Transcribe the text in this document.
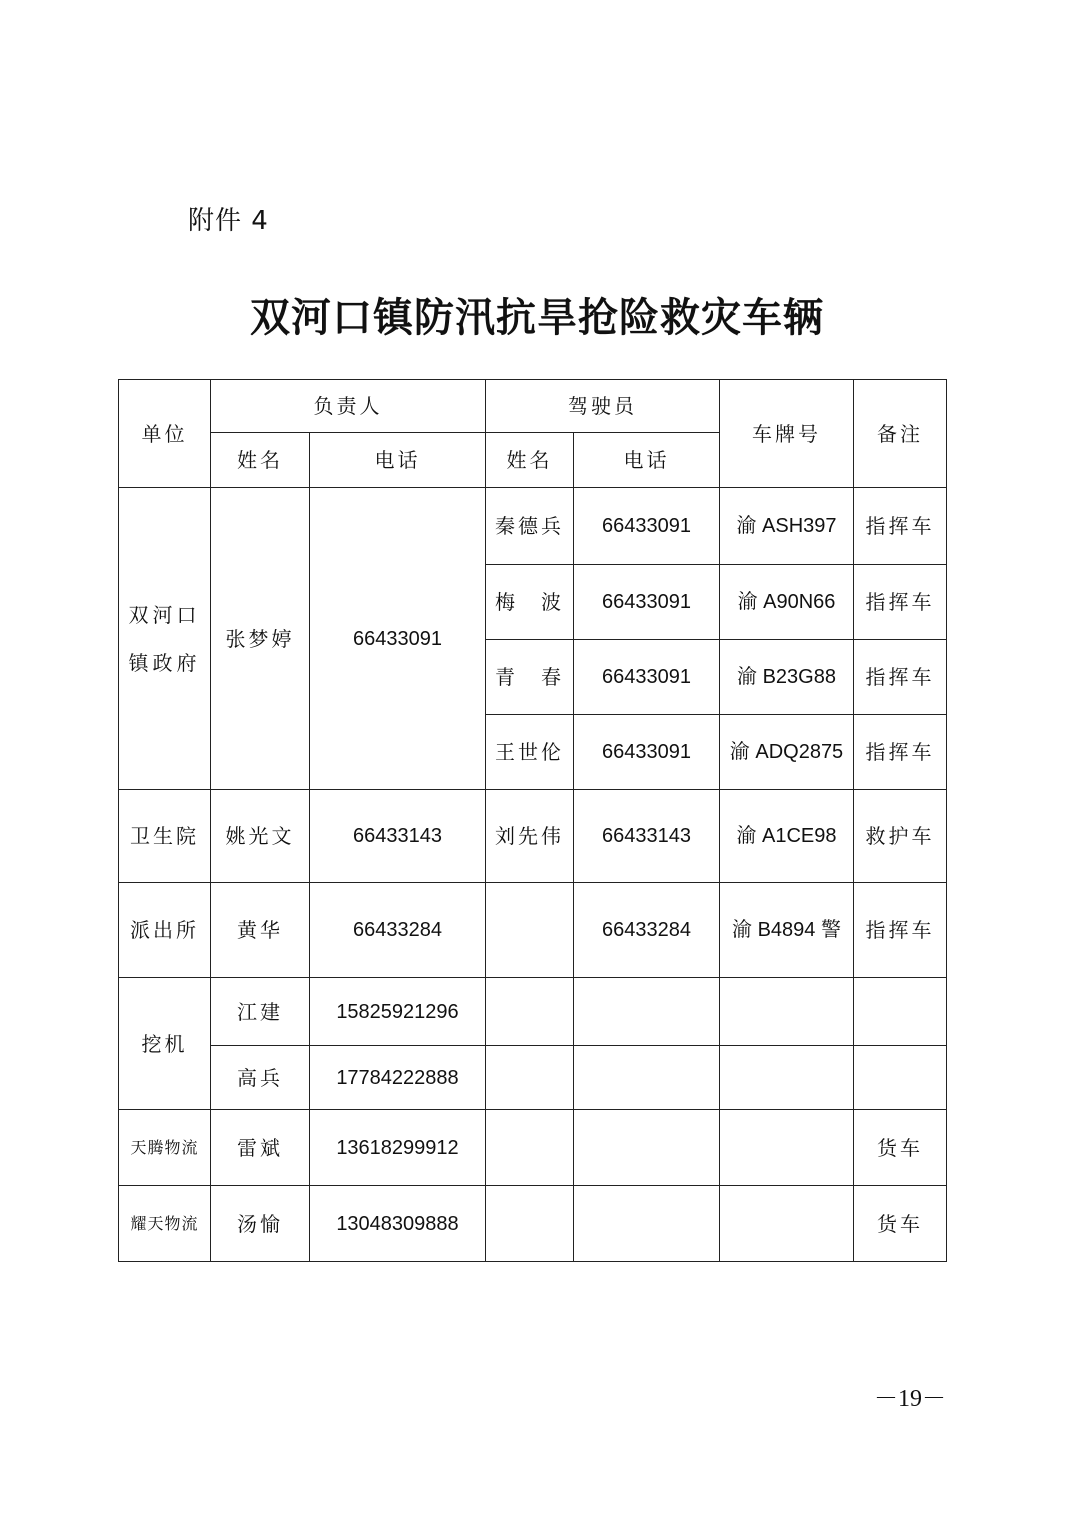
附件 4
双河口镇防汛抗旱抢险救灾车辆
单位	负责人		驾驶员		车牌号	备注
	姓名	电话	姓名	电话		
双河口
镇政府	张梦婷	66433091	秦德兵	66433091	渝 ASH397	指挥车
			梅　波	66433091	渝 A90N66	指挥车
			青　春	66433091	渝 B23G88	指挥车
			王世伦	66433091	渝 ADQ2875	指挥车
卫生院	姚光文	66433143	刘先伟	66433143	渝 A1CE98	救护车
派出所	黄华	66433284		66433284	渝 B4894 警	指挥车
挖机	江建	15825921296				
	高兵	17784222888				
天腾物流	雷斌	13618299912				货车
耀天物流	汤愉	13048309888				货车
－19－
